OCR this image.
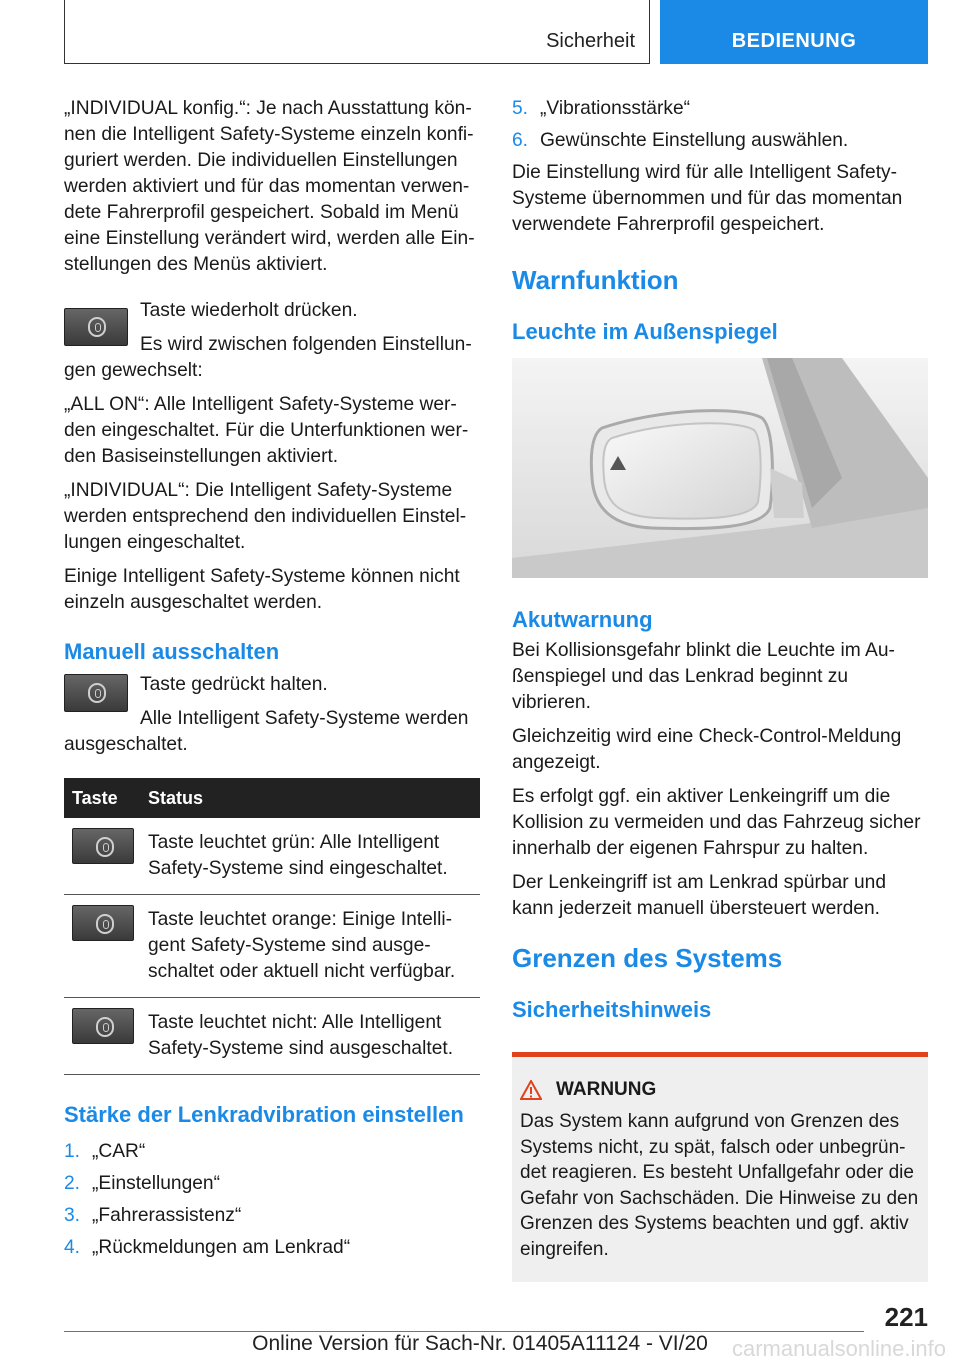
Sicherheit	BEDIENUNG

„INDIVIDUAL konfig.“: Je nach Ausstattung können die Intelligent Safety-Systeme einzeln konfiguriert werden. Die individuellen Einstellungen werden aktiviert und für das momentan verwendete Fahrerprofil gespeichert. Sobald im Menü eine Einstellung verändert wird, werden alle Einstellungen des Menüs aktiviert.

Taste wiederholt drücken.

Es wird zwischen folgenden Einstellungen gewechselt:

„ALL ON“: Alle Intelligent Safety-Systeme werden eingeschaltet. Für die Unterfunktionen werden Basiseinstellungen aktiviert.

„INDIVIDUAL“: Die Intelligent Safety-Systeme werden entsprechend den individuellen Einstellungen eingeschaltet.

Einige Intelligent Safety-Systeme können nicht einzeln ausgeschaltet werden.

Manuell ausschalten

Taste gedrückt halten.

Alle Intelligent Safety-Systeme werden ausgeschaltet.

Taste	Status

	Taste leuchtet grün: Alle Intelligent Safety-Systeme sind eingeschaltet.

	Taste leuchtet orange: Einige Intelligent Safety-Systeme sind ausgeschaltet oder aktuell nicht verfügbar.

	Taste leuchtet nicht: Alle Intelligent Safety-Systeme sind ausgeschaltet.
Stärke der Lenkradvibration einstellen
1. „CAR“
2. „Einstellungen“
3. „Fahrerassistenz“
4. „Rückmeldungen am Lenkrad“
5. „Vibrationsstärke“
6. Gewünschte Einstellung auswählen.

Die Einstellung wird für alle Intelligent Safety-Systeme übernommen und für das momentan verwendete Fahrerprofil gespeichert.

Warnfunktion
Leuchte im Außenspiegel
Akutwarnung

Bei Kollisionsgefahr blinkt die Leuchte im Außenspiegel und das Lenkrad beginnt zu vibrieren.

Gleichzeitig wird eine Check-Control-Meldung angezeigt.

Es erfolgt ggf. ein aktiver Lenkeingriff um die Kollision zu vermeiden und das Fahrzeug sicher innerhalb der eigenen Fahrspur zu halten.

Der Lenkeingriff ist am Lenkrad spürbar und kann jederzeit manuell übersteuert werden.

Grenzen des Systems
Sicherheitshinweis
WARNUNG

Das System kann aufgrund von Grenzen des Systems nicht, zu spät, falsch oder unbegründet reagieren. Es besteht Unfallgefahr oder die Gefahr von Sachschäden. Die Hinweise zu den Grenzen des Systems beachten und ggf. aktiv eingreifen.

221
Online Version für Sach-Nr. 01405A11124 - VI/20	carmanualsonline.info
